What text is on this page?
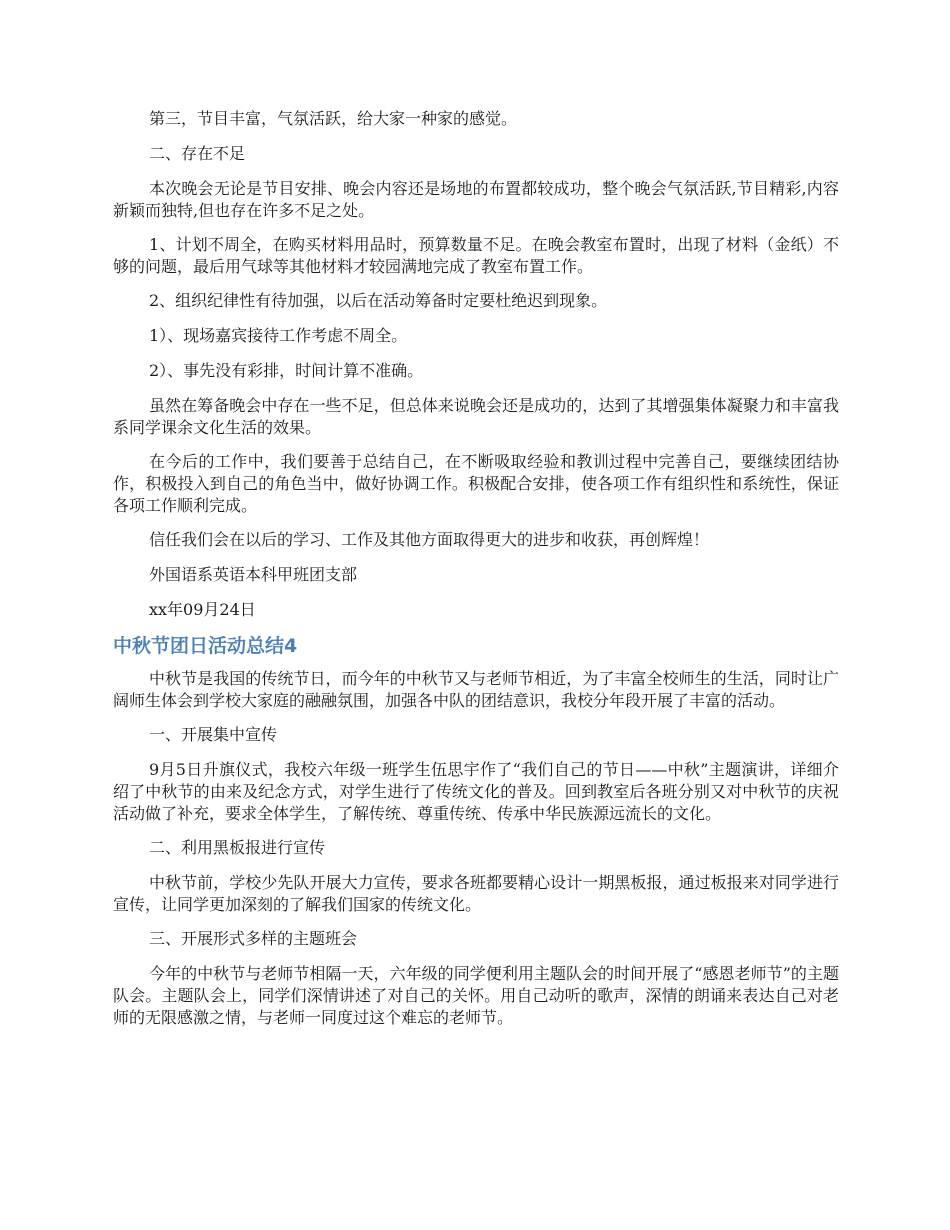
第三，节目丰富，气氛活跃，给大家一种家的感觉。

二、存在不足

本次晚会无论是节目安排、晚会内容还是场地的布置都较成功，整个晚会气氛活跃,节目精彩,内容新颖而独特,但也存在许多不足之处。

1、计划不周全，在购买材料用品时，预算数量不足。在晚会教室布置时，出现了材料（金纸）不够的问题，最后用气球等其他材料才较园满地完成了教室布置工作。

2、组织纪律性有待加强，以后在活动筹备时定要杜绝迟到现象。

1）、现场嘉宾接待工作考虑不周全。

2）、事先没有彩排，时间计算不准确。

虽然在筹备晚会中存在一些不足，但总体来说晚会还是成功的，达到了其增强集体凝聚力和丰富我系同学课余文化生活的效果。

在今后的工作中，我们要善于总结自己，在不断吸取经验和教训过程中完善自己，要继续团结协作，积极投入到自己的角色当中，做好协调工作。积极配合安排，使各项工作有组织性和系统性，保证各项工作顺利完成。

信任我们会在以后的学习、工作及其他方面取得更大的进步和收获，再创辉煌！

外国语系英语本科甲班团支部

xx年09月24日

中秋节团日活动总结4

中秋节是我国的传统节日，而今年的中秋节又与老师节相近，为了丰富全校师生的生活，同时让广阔师生体会到学校大家庭的融融氛围，加强各中队的团结意识，我校分年段开展了丰富的活动。

一、开展集中宣传

9月5日升旗仪式，我校六年级一班学生伍思宇作了“我们自己的节日——中秋”主题演讲，详细介绍了中秋节的由来及纪念方式，对学生进行了传统文化的普及。回到教室后各班分别又对中秋节的庆祝活动做了补充，要求全体学生，了解传统、尊重传统、传承中华民族源远流长的文化。

二、利用黑板报进行宣传

中秋节前，学校少先队开展大力宣传，要求各班都要精心设计一期黑板报，通过板报来对同学进行宣传，让同学更加深刻的了解我们国家的传统文化。

三、开展形式多样的主题班会

今年的中秋节与老师节相隔一天，六年级的同学便利用主题队会的时间开展了“感恩老师节”的主题队会。主题队会上，同学们深情讲述了对自己的关怀。用自己动听的歌声，深情的朗诵来表达自己对老师的无限感激之情，与老师一同度过这个难忘的老师节。
